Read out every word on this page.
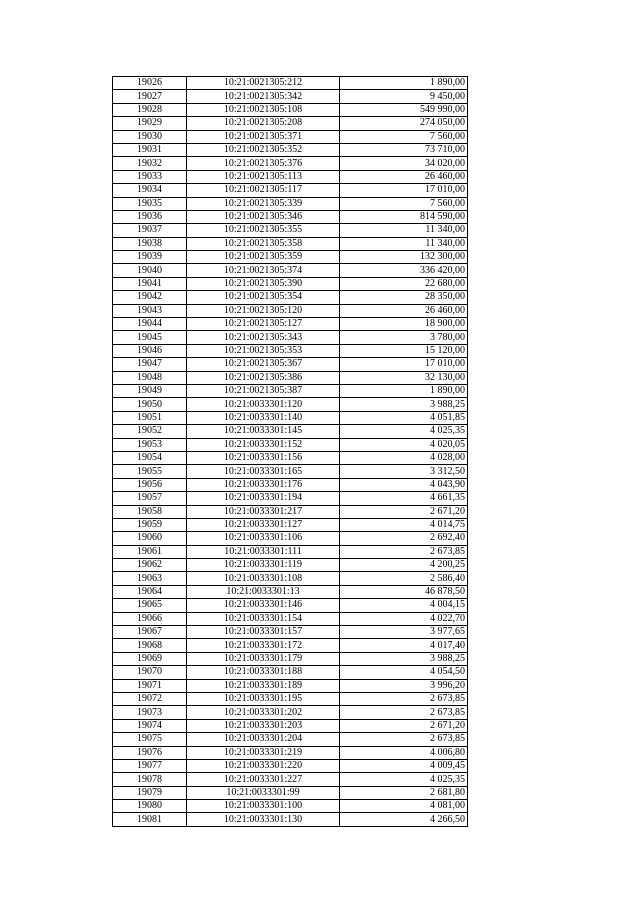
19026	10:21:0021305:212	1 890,00
19027	10:21:0021305:342	9 450,00
19028	10:21:0021305:108	549 990,00
19029	10:21:0021305:208	274 050,00
19030	10:21:0021305:371	7 560,00
19031	10:21:0021305:352	73 710,00
19032	10:21:0021305:376	34 020,00
19033	10:21:0021305:113	26 460,00
19034	10:21:0021305:117	17 010,00
19035	10:21:0021305:339	7 560,00
19036	10:21:0021305:346	814 590,00
19037	10:21:0021305:355	11 340,00
19038	10:21:0021305:358	11 340,00
19039	10:21:0021305:359	132 300,00
19040	10:21:0021305:374	336 420,00
19041	10:21:0021305:390	22 680,00
19042	10:21:0021305:354	28 350,00
19043	10:21:0021305:120	26 460,00
19044	10:21:0021305:127	18 900,00
19045	10:21:0021305:343	3 780,00
19046	10:21:0021305:353	15 120,00
19047	10:21:0021305:367	17 010,00
19048	10:21:0021305:386	32 130,00
19049	10:21:0021305:387	1 890,00
19050	10:21:0033301:120	3 988,25
19051	10:21:0033301:140	4 051,85
19052	10:21:0033301:145	4 025,35
19053	10:21:0033301:152	4 020,05
19054	10:21:0033301:156	4 028,00
19055	10:21:0033301:165	3 312,50
19056	10:21:0033301:176	4 043,90
19057	10:21:0033301:194	4 661,35
19058	10:21:0033301:217	2 671,20
19059	10:21:0033301:127	4 014,75
19060	10:21:0033301:106	2 692,40
19061	10:21:0033301:111	2 673,85
19062	10:21:0033301:119	4 200,25
19063	10:21:0033301:108	2 586,40
19064	10:21:0033301:13	46 878,50
19065	10:21:0033301:146	4 004,15
19066	10:21:0033301:154	4 022,70
19067	10:21:0033301:157	3 977,65
19068	10:21:0033301:172	4 017,40
19069	10:21:0033301:179	3 988,25
19070	10:21:0033301:188	4 054,50
19071	10:21:0033301:189	3 996,20
19072	10:21:0033301:195	2 673,85
19073	10:21:0033301:202	2 673,85
19074	10:21:0033301:203	2 671,20
19075	10:21:0033301:204	2 673,85
19076	10:21:0033301:219	4 006,80
19077	10:21:0033301:220	4 009,45
19078	10:21:0033301:227	4 025,35
19079	10:21:0033301:99	2 681,80
19080	10:21:0033301:100	4 081,00
19081	10:21:0033301:130	4 266,50
